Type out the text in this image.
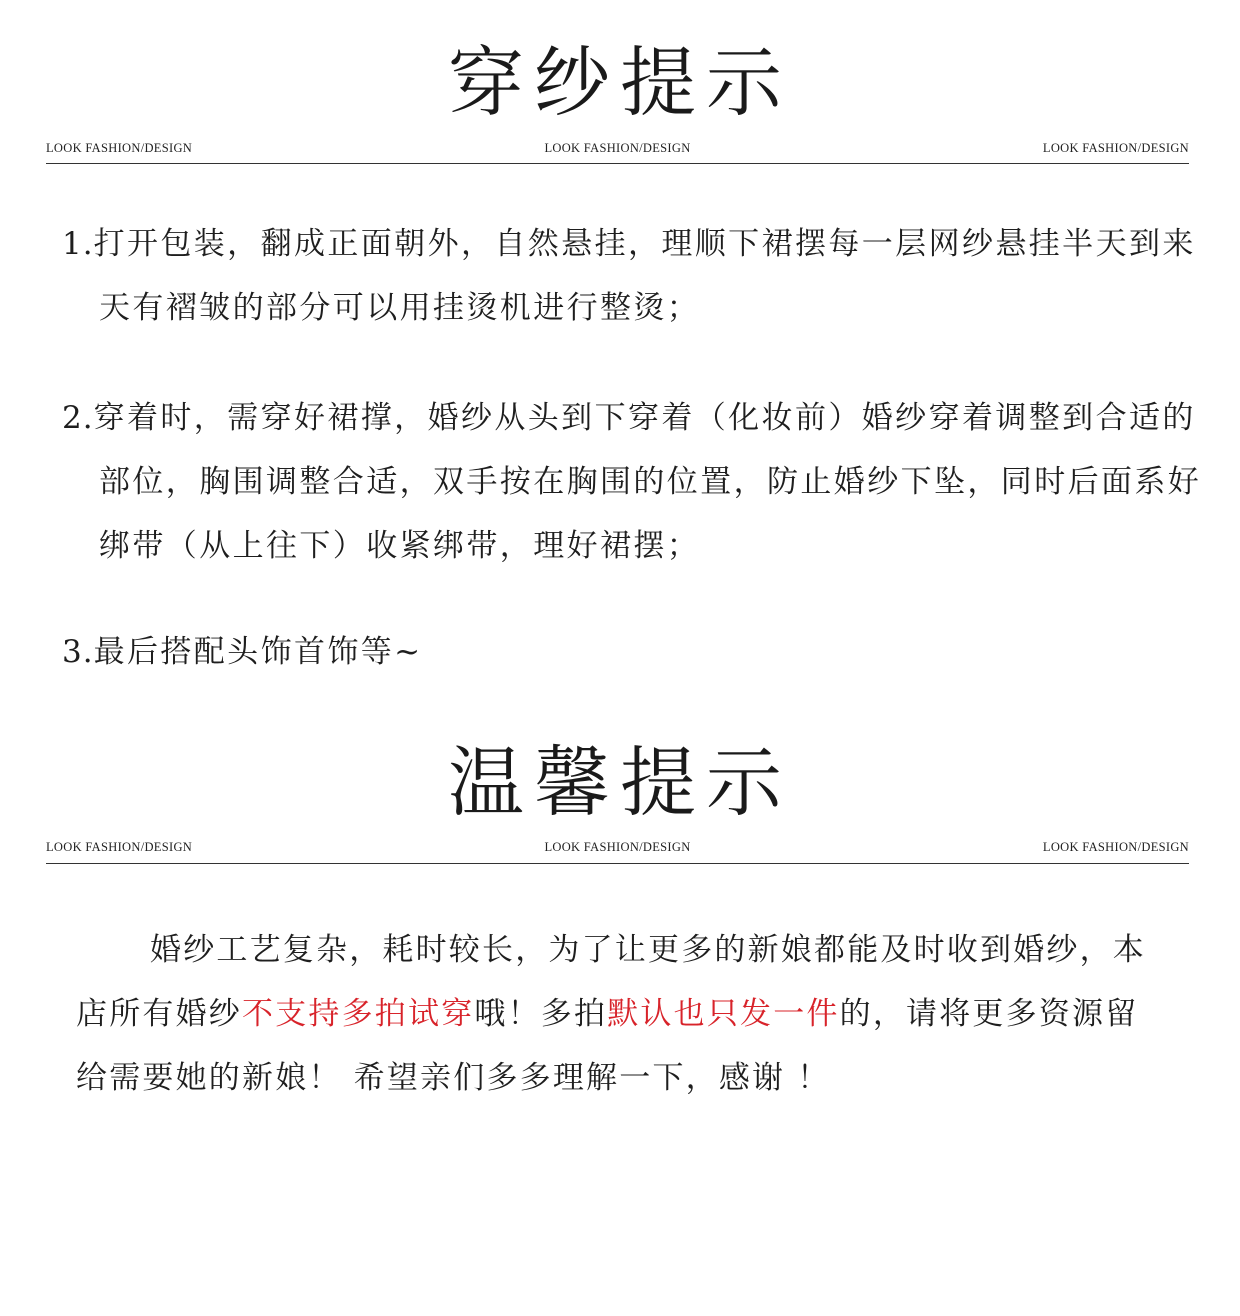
穿纱提示
LOOK FASHION/DESIGN	LOOK FASHION/DESIGN	LOOK FASHION/DESIGN
1.打开包装，翻成正面朝外，自然悬挂，理顺下裙摆每一层网纱悬挂半天到来天有褶皱的部分可以用挂烫机进行整烫；
2.穿着时，需穿好裙撑，婚纱从头到下穿着（化妆前）婚纱穿着调整到合适的部位，胸围调整合适，双手按在胸围的位置，防止婚纱下坠，同时后面系好绑带（从上往下）收紧绑带，理好裙摆；
3.最后搭配头饰首饰等~
温馨提示
LOOK FASHION/DESIGN	LOOK FASHION/DESIGN	LOOK FASHION/DESIGN
婚纱工艺复杂，耗时较长，为了让更多的新娘都能及时收到婚纱，本店所有婚纱不支持多拍试穿哦！多拍默认也只发一件的，请将更多资源留给需要她的新娘！ 希望亲们多多理解一下，感谢 ！
